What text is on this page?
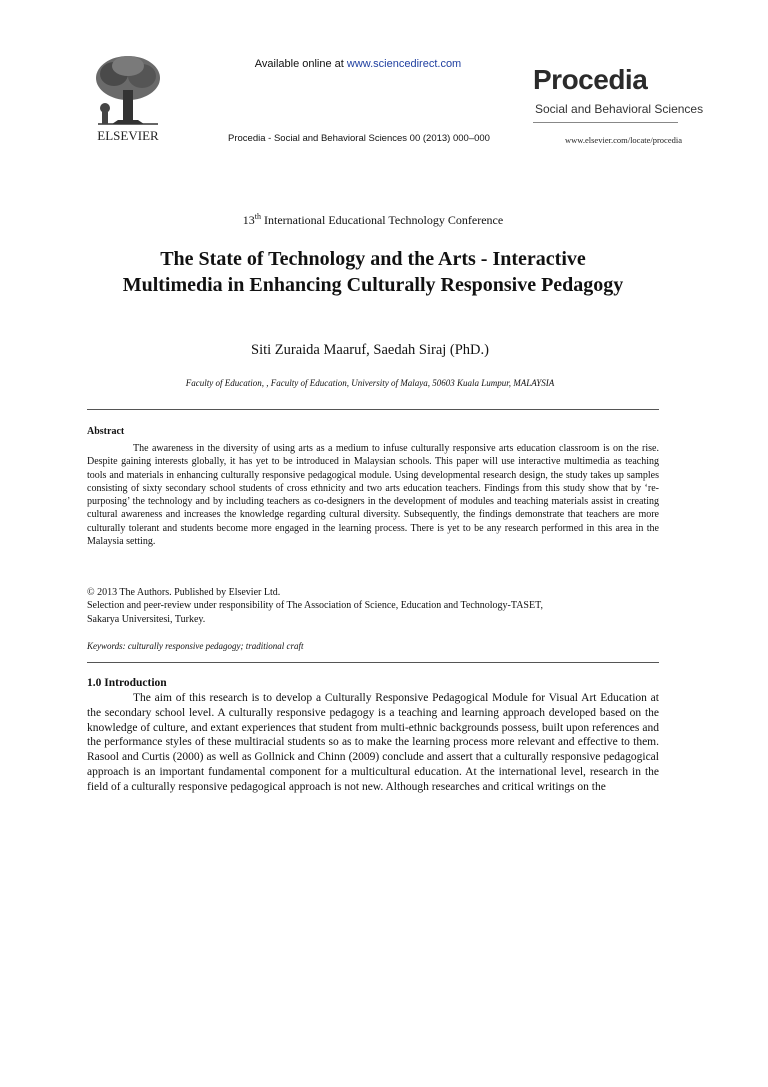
Available online at www.sciencedirect.com
ELSEVIER	Procedia - Social and Behavioral Sciences 00 (2013) 000–000
Procedia
Social and Behavioral Sciences
www.elsevier.com/locate/procedia
13th International Educational Technology Conference
The State of Technology and the Arts - Interactive
Multimedia in Enhancing Culturally Responsive Pedagogy
Siti Zuraida Maaruf, Saedah Siraj (PhD.)
Faculty of Education, , Faculty of Education, University of Malaya, 50603 Kuala Lumpur, MALAYSIA
Abstract
The awareness in the diversity of using arts as a medium to infuse culturally responsive arts education classroom is on the rise. Despite gaining interests globally, it has yet to be introduced in Malaysian schools. This paper will use interactive multimedia as teaching tools and materials in enhancing culturally responsive pedagogical module. Using developmental research design, the study takes up samples consisting of sixty secondary school students of cross ethnicity and two arts education teachers. Findings from this study show that by ‘re-purposing’ the technology and by including teachers as co-designers in the development of modules and teaching materials assist in creating cultural awareness and increases the knowledge regarding cultural diversity. Subsequently, the findings demonstrate that teachers are more culturally tolerant and students become more engaged in the learning process. There is yet to be any research performed in this area in the Malaysia setting.
© 2013 The Authors. Published by Elsevier Ltd.
Selection and peer-review under responsibility of The Association of Science, Education and Technology-TASET,
Sakarya Universitesi, Turkey.
Keywords: culturally responsive pedagogy; traditional craft
1.0 Introduction
The aim of this research is to develop a Culturally Responsive Pedagogical Module for Visual Art Education at the secondary school level. A culturally responsive pedagogy is a teaching and learning approach developed based on the knowledge of culture, and extant experiences that student from multi-ethnic backgrounds possess, built upon references and the performance styles of these multiracial students so as to make the learning process more relevant and effective to them. Rasool and Curtis (2000) as well as Gollnick and Chinn (2009) conclude and assert that a culturally responsive pedagogical approach is an important fundamental component for a multicultural education. At the international level, research in the field of a culturally responsive pedagogical approach is not new. Although researches and critical writings on the
